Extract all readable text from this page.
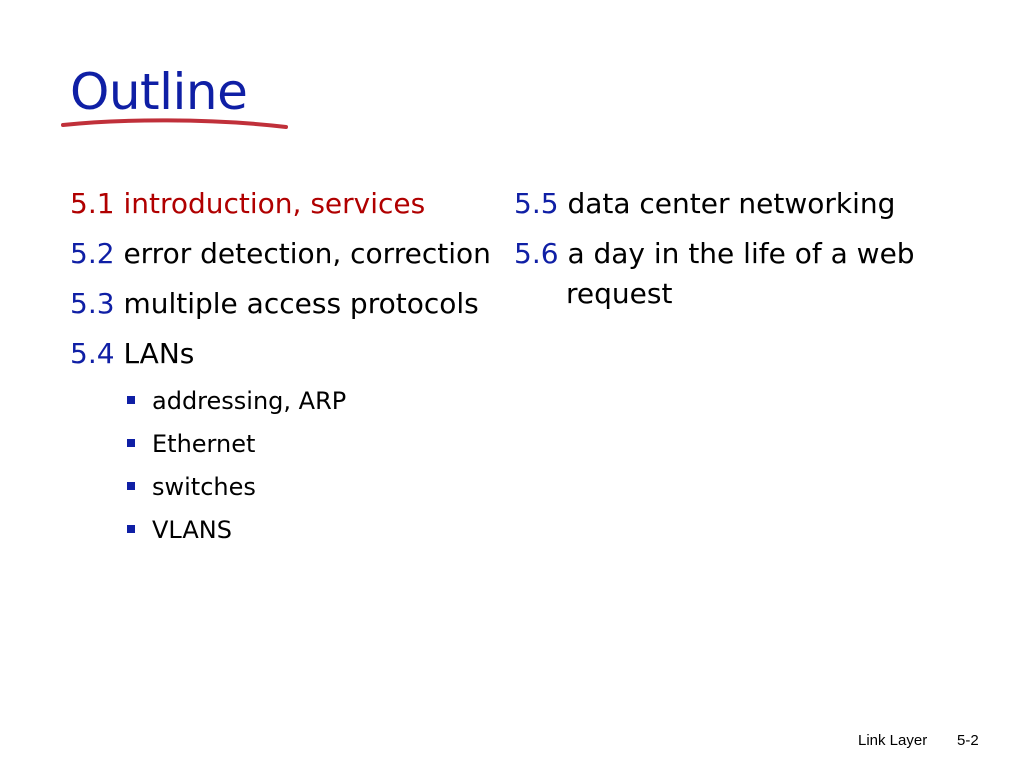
Outline
5.1 introduction, services
5.2 error detection, correction
5.3 multiple access protocols
5.4 LANs
addressing, ARP
Ethernet
switches
VLANS
5.5 data center networking
5.6 a day in the life of a web request
Link Layer 5-2
